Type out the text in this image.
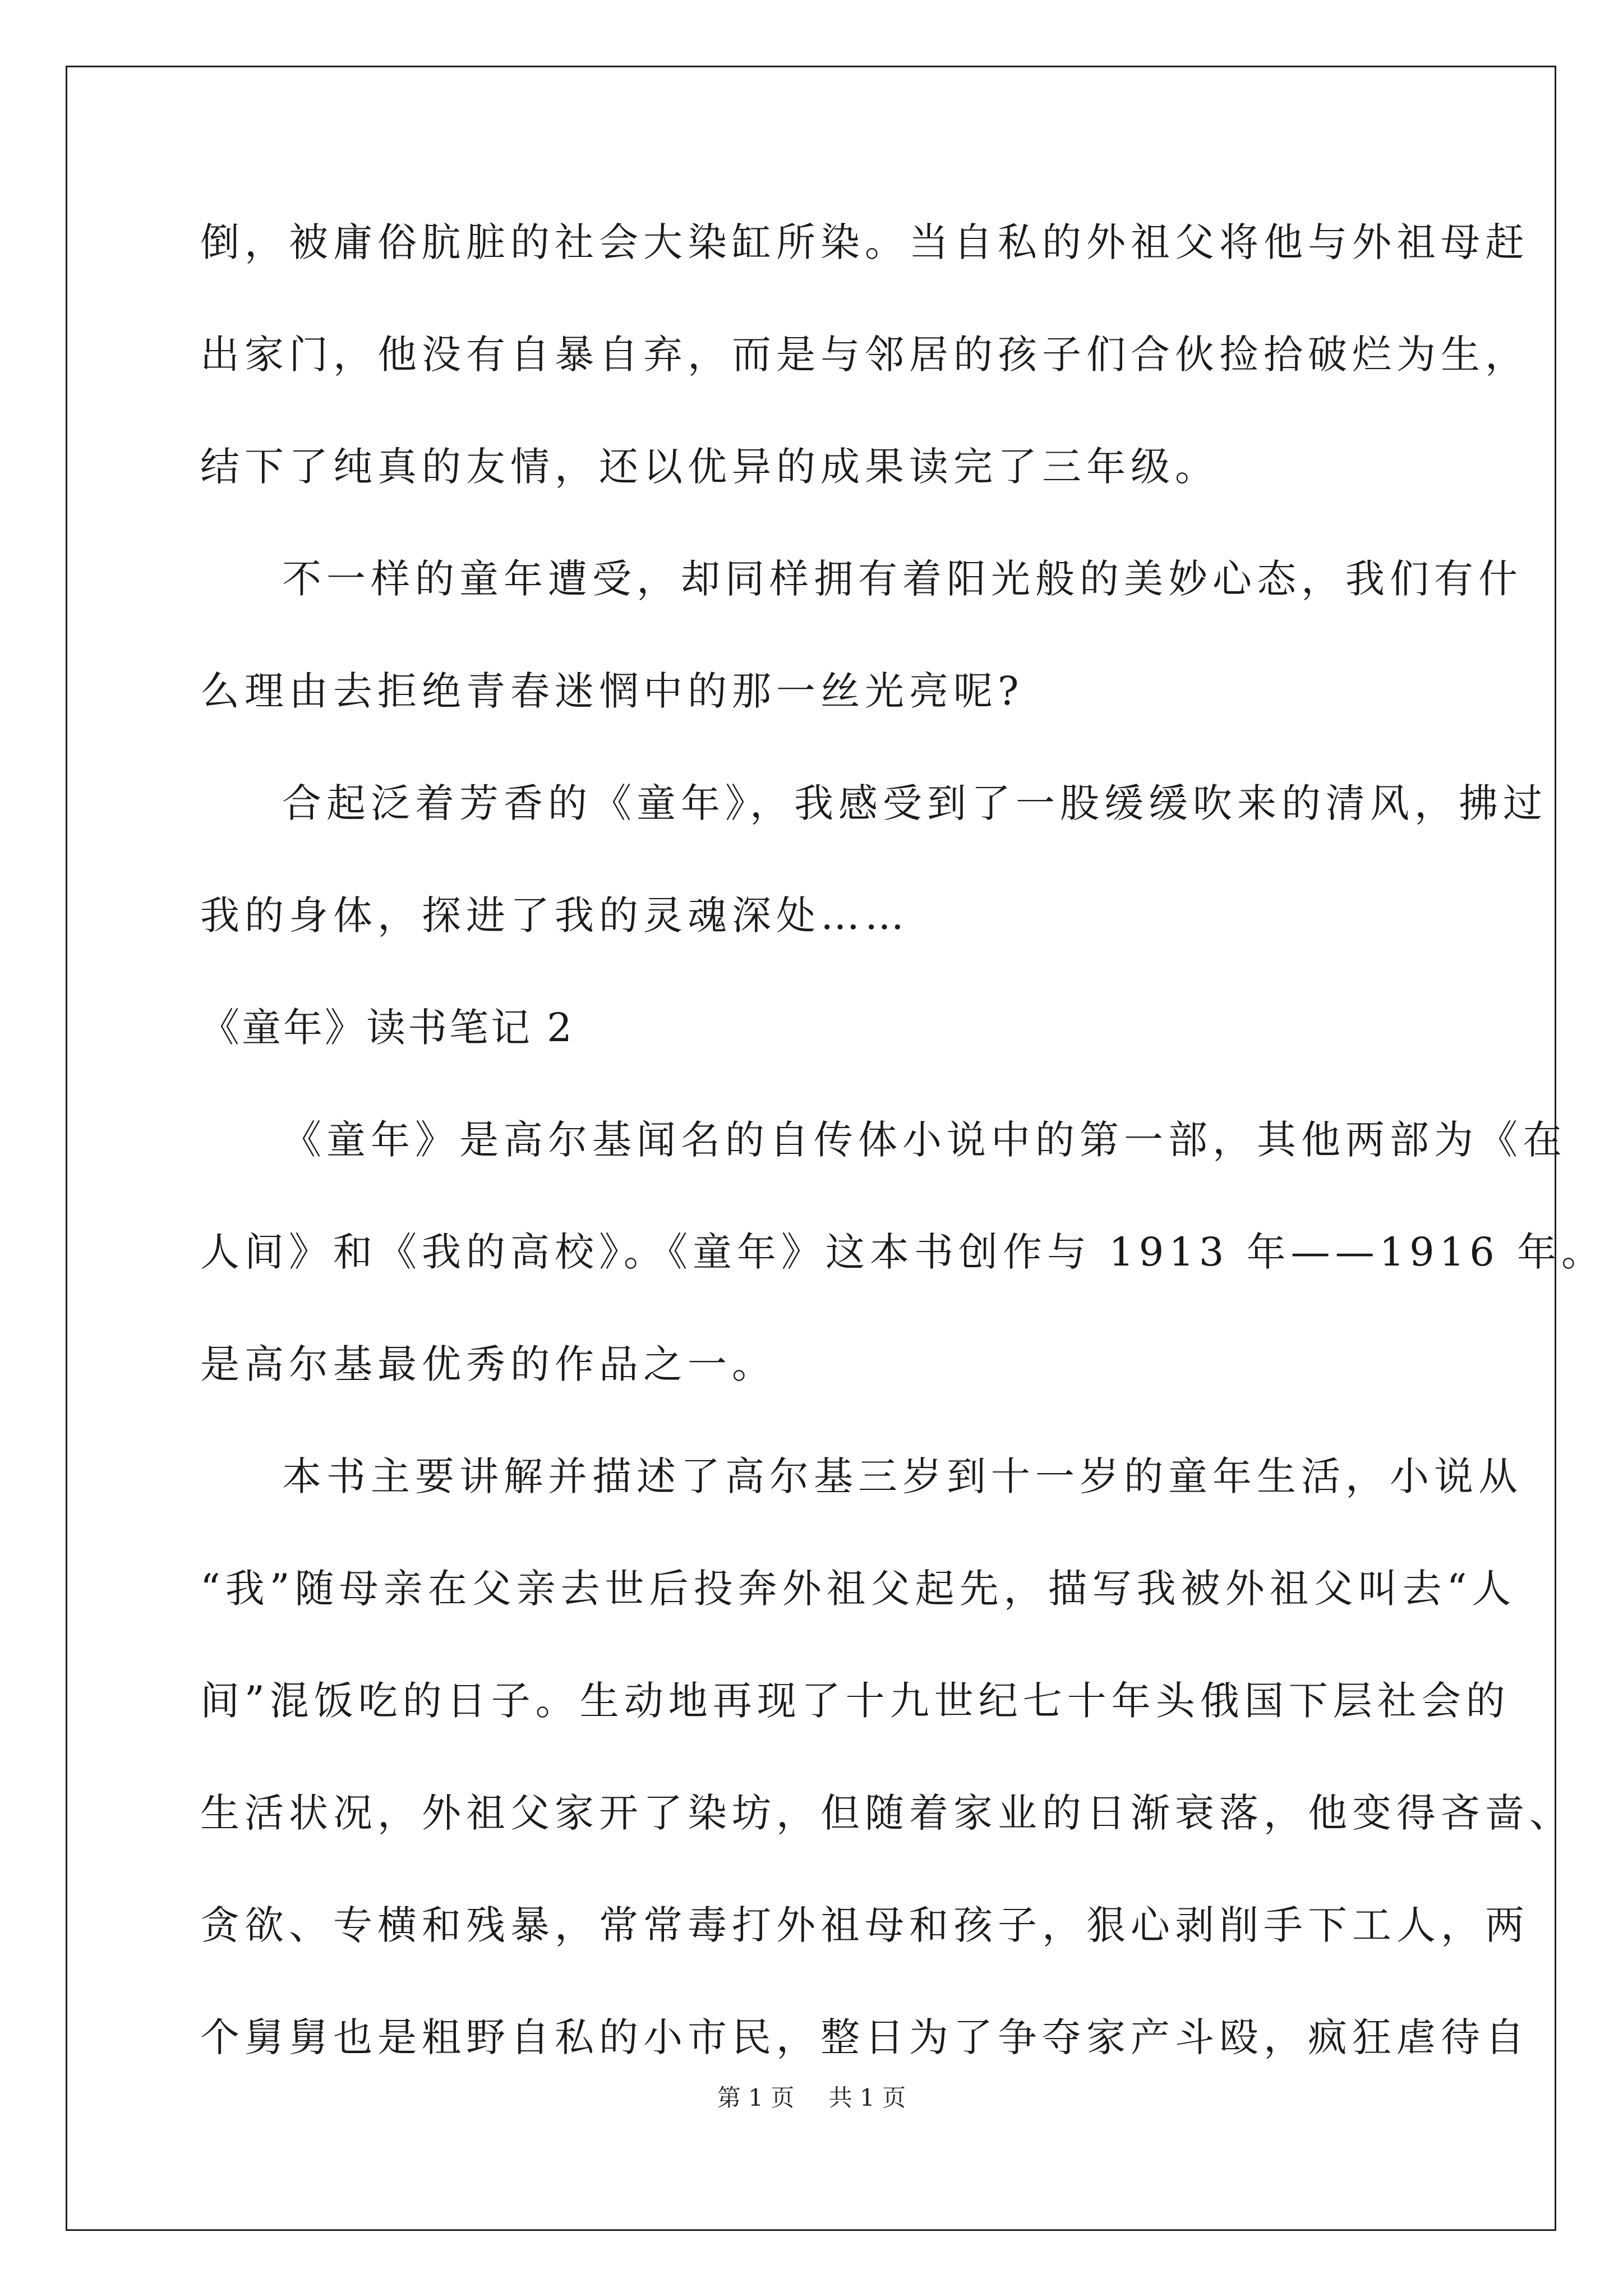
倒，被庸俗肮脏的社会大染缸所染。当自私的外祖父将他与外祖母赶
出家门，他没有自暴自弃，而是与邻居的孩子们合伙捡拾破烂为生，
结下了纯真的友情，还以优异的成果读完了三年级。
不一样的童年遭受，却同样拥有着阳光般的美妙心态，我们有什
么理由去拒绝青春迷惘中的那一丝光亮呢?
合起泛着芳香的《童年》，我感受到了一股缓缓吹来的清风，拂过
我的身体，探进了我的灵魂深处……
《童年》读书笔记 2
《童年》是高尔基闻名的自传体小说中的第一部，其他两部为《在
人间》和《我的高校》。《童年》这本书创作与 1913 年——1916 年。
是高尔基最优秀的作品之一。
本书主要讲解并描述了高尔基三岁到十一岁的童年生活，小说从
“我”随母亲在父亲去世后投奔外祖父起先，描写我被外祖父叫去“人
间”混饭吃的日子。生动地再现了十九世纪七十年头俄国下层社会的
生活状况，外祖父家开了染坊，但随着家业的日渐衰落，他变得吝啬、
贪欲、专横和残暴，常常毒打外祖母和孩子，狠心剥削手下工人，两
个舅舅也是粗野自私的小市民，整日为了争夺家产斗殴，疯狂虐待自
第 1 页 共 1 页
